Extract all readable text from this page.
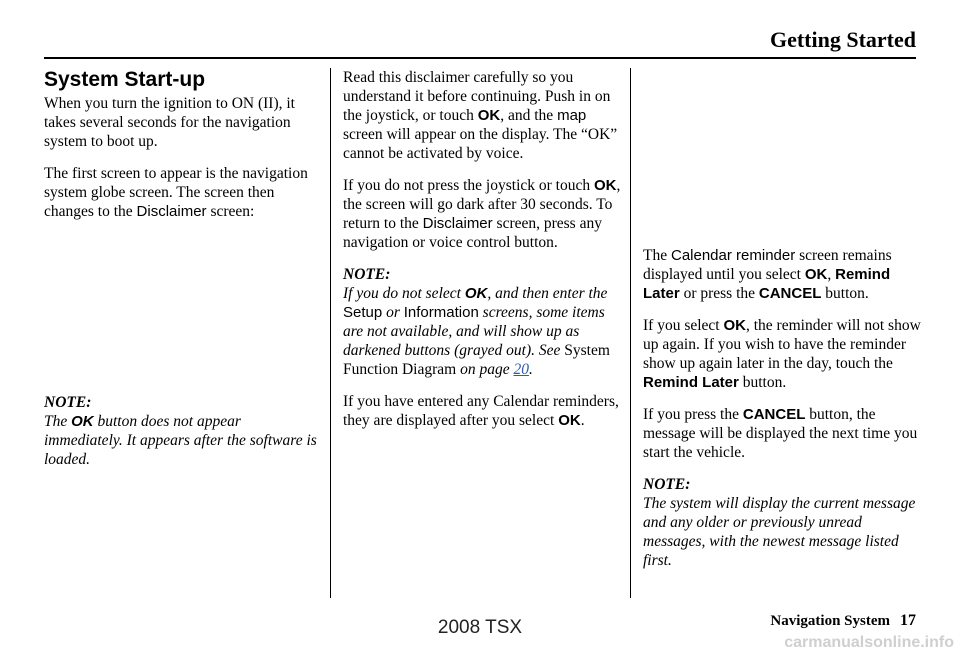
Getting Started
System Start-up

When you turn the ignition to ON (II), it takes several seconds for the navigation system to boot up.

The first screen to appear is the navigation system globe screen. The screen then changes to the Disclaimer screen:

NOTE:
The OK button does not appear immediately. It appears after the software is loaded.

Read this disclaimer carefully so you understand it before continuing. Push in on the joystick, or touch OK, and the map screen will appear on the display. The “OK” cannot be activated by voice.

If you do not press the joystick or touch OK, the screen will go dark after 30 seconds. To return to the Disclaimer screen, press any navigation or voice control button.

NOTE:
If you do not select OK, and then enter the Setup or Information screens, some items are not available, and will show up as darkened buttons (grayed out). See System Function Diagram on page 20.

If you have entered any Calendar reminders, they are displayed after you select OK.

The Calendar reminder screen remains displayed until you select OK, Remind Later or press the CANCEL button.

If you select OK, the reminder will not show up again. If you wish to have the reminder show up again later in the day, touch the Remind Later button.

If you press the CANCEL button, the message will be displayed the next time you start the vehicle.

NOTE:
The system will display the current message and any older or previously unread messages, with the newest message listed first.

Navigation System 17
2008 TSX
carmanualsonline.info
